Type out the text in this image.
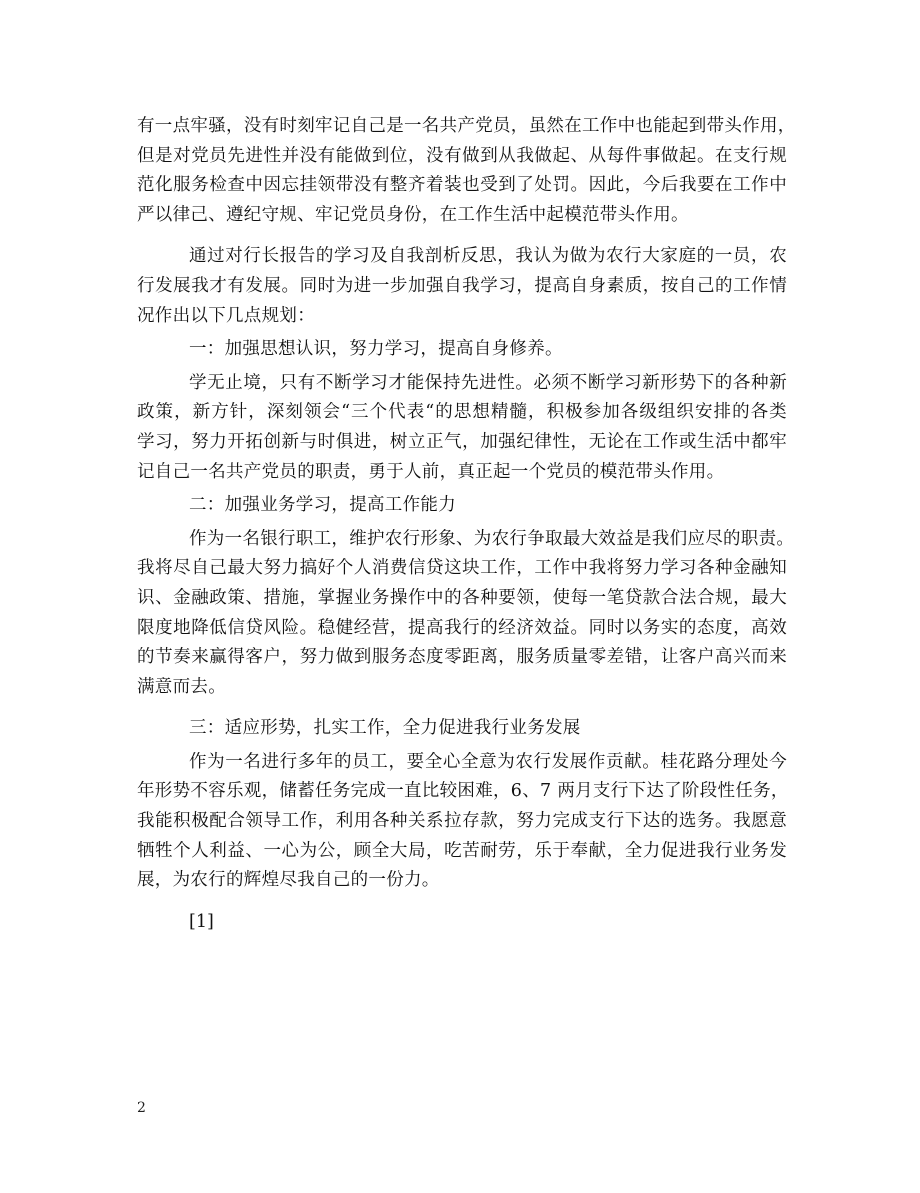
有一点牢骚，没有时刻牢记自己是一名共产党员，虽然在工作中也能起到带头作用，
但是对党员先进性并没有能做到位，没有做到从我做起、从每件事做起。在支行规
范化服务检查中因忘挂领带没有整齐着装也受到了处罚。因此，今后我要在工作中
严以律己、遵纪守规、牢记党员身份，在工作生活中起模范带头作用。

通过对行长报告的学习及自我剖析反思，我认为做为农行大家庭的一员，农
行发展我才有发展。同时为进一步加强自我学习，提高自身素质，按自己的工作情
况作出以下几点规划：

一：加强思想认识，努力学习，提高自身修养。

学无止境，只有不断学习才能保持先进性。必须不断学习新形势下的各种新
政策，新方针，深刻领会“三个代表“的思想精髓，积极参加各级组织安排的各类
学习，努力开拓创新与时俱进，树立正气，加强纪律性，无论在工作或生活中都牢
记自己一名共产党员的职责，勇于人前，真正起一个党员的模范带头作用。

二：加强业务学习，提高工作能力

作为一名银行职工，维护农行形象、为农行争取最大效益是我们应尽的职责。
我将尽自己最大努力搞好个人消费信贷这块工作，工作中我将努力学习各种金融知
识、金融政策、措施，掌握业务操作中的各种要领，使每一笔贷款合法合规，最大
限度地降低信贷风险。稳健经营，提高我行的经济效益。同时以务实的态度，高效
的节奏来赢得客户，努力做到服务态度零距离，服务质量零差错，让客户高兴而来
满意而去。

三：适应形势，扎实工作，全力促进我行业务发展

作为一名进行多年的员工，要全心全意为农行发展作贡献。桂花路分理处今
年形势不容乐观，储蓄任务完成一直比较困难，6、7 两月支行下达了阶段性任务，
我能积极配合领导工作，利用各种关系拉存款，努力完成支行下达的选务。我愿意
牺牲个人利益、一心为公，顾全大局，吃苦耐劳，乐于奉献，全力促进我行业务发
展，为农行的辉煌尽我自己的一份力。

[1]

2
